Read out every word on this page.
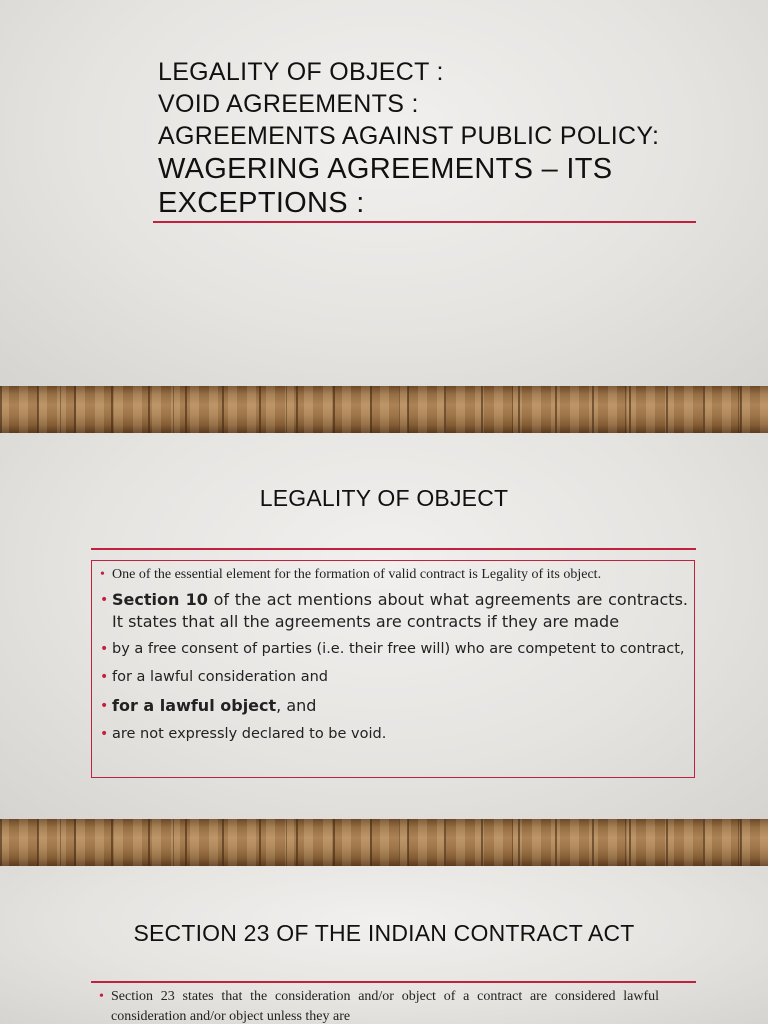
LEGALITY OF OBJECT :
VOID AGREEMENTS :
AGREEMENTS AGAINST PUBLIC POLICY:
WAGERING AGREEMENTS – ITS
EXCEPTIONS :
LEGALITY OF OBJECT
• One of the essential element for the formation of valid contract is Legality of its object.
• Section 10 of the act mentions about what agreements are contracts. It states that all the agreements are contracts if they are made
• by a free consent of parties (i.e. their free will) who are competent to contract,
• for a lawful consideration and
• for a lawful object, and
• are not expressly declared to be void.
SECTION 23 OF THE INDIAN CONTRACT ACT
• Section 23 states that the consideration and/or object of a contract are considered lawful consideration and/or object unless they are
